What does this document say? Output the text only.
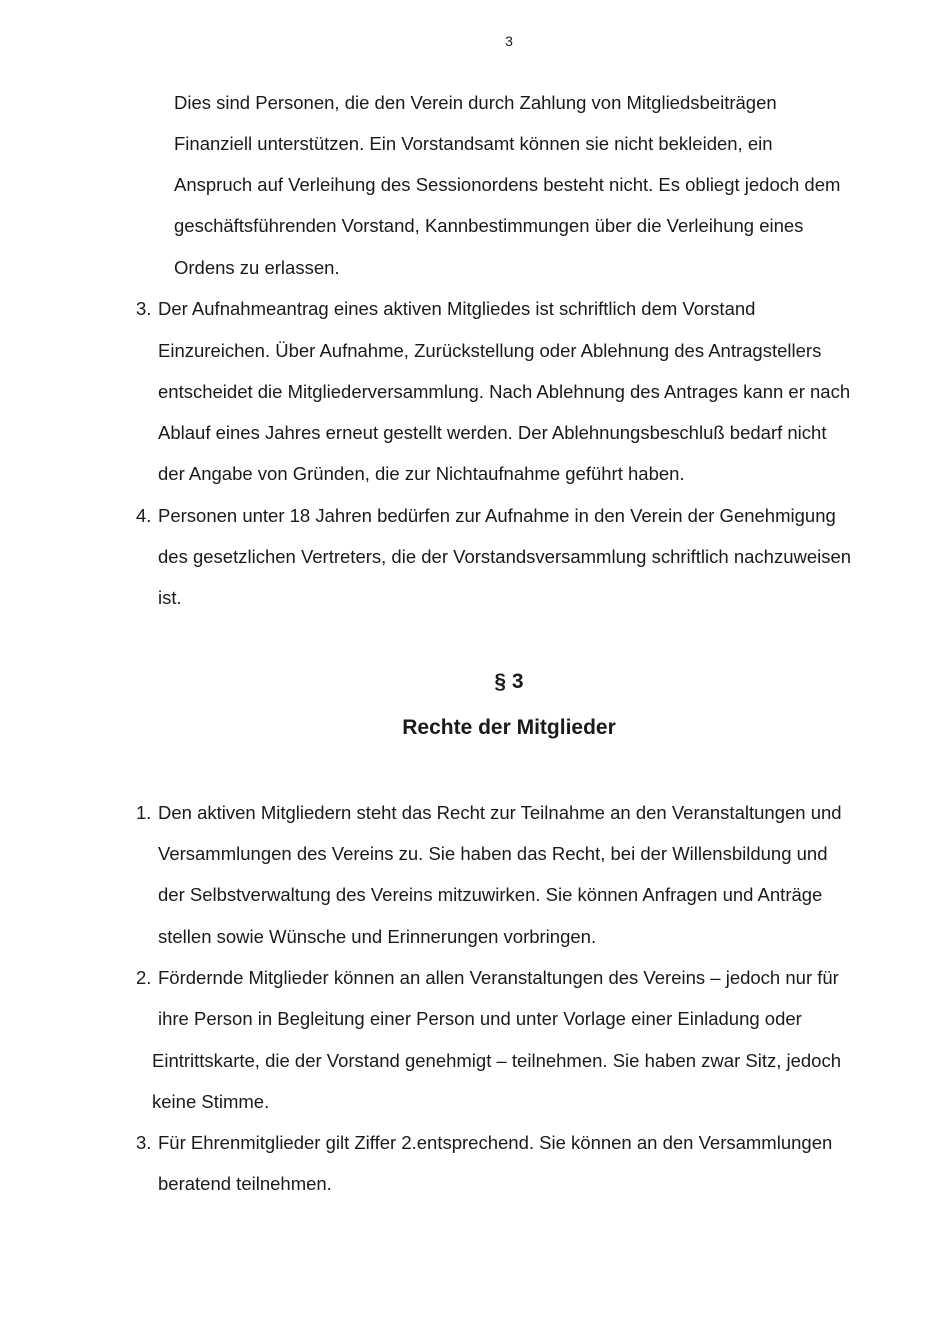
3
Dies sind Personen, die den Verein durch Zahlung von Mitgliedsbeiträgen
Finanziell unterstützen. Ein Vorstandsamt können sie nicht bekleiden, ein
Anspruch auf Verleihung des Sessionordens besteht nicht. Es obliegt jedoch dem
geschäftsführenden Vorstand, Kannbestimmungen über die Verleihung eines
Ordens zu erlassen.
3. Der Aufnahmeantrag eines aktiven Mitgliedes ist schriftlich dem Vorstand
Einzureichen. Über Aufnahme, Zurückstellung oder Ablehnung des Antragstellers
entscheidet die Mitgliederversammlung. Nach Ablehnung des Antrages kann er nach
Ablauf eines Jahres erneut gestellt werden. Der Ablehnungsbeschluß bedarf nicht
der Angabe von Gründen, die zur Nichtaufnahme geführt haben.
4. Personen unter 18 Jahren bedürfen zur Aufnahme in den Verein der Genehmigung
des gesetzlichen Vertreters, die der Vorstandsversammlung schriftlich nachzuweisen
ist.
§ 3
Rechte der Mitglieder
1. Den aktiven Mitgliedern steht das Recht zur Teilnahme an den Veranstaltungen und
Versammlungen des Vereins zu. Sie haben das Recht, bei der Willensbildung und
der Selbstverwaltung des Vereins mitzuwirken. Sie können Anfragen und Anträge
stellen sowie Wünsche und Erinnerungen vorbringen.
2. Fördernde Mitglieder können an allen Veranstaltungen des Vereins – jedoch nur für
ihre Person in Begleitung einer Person und unter Vorlage einer Einladung oder
Eintrittskarte, die der Vorstand genehmigt – teilnehmen. Sie haben zwar Sitz, jedoch
keine Stimme.
3. Für Ehrenmitglieder gilt Ziffer 2.entsprechend. Sie können an den Versammlungen
beratend teilnehmen.
